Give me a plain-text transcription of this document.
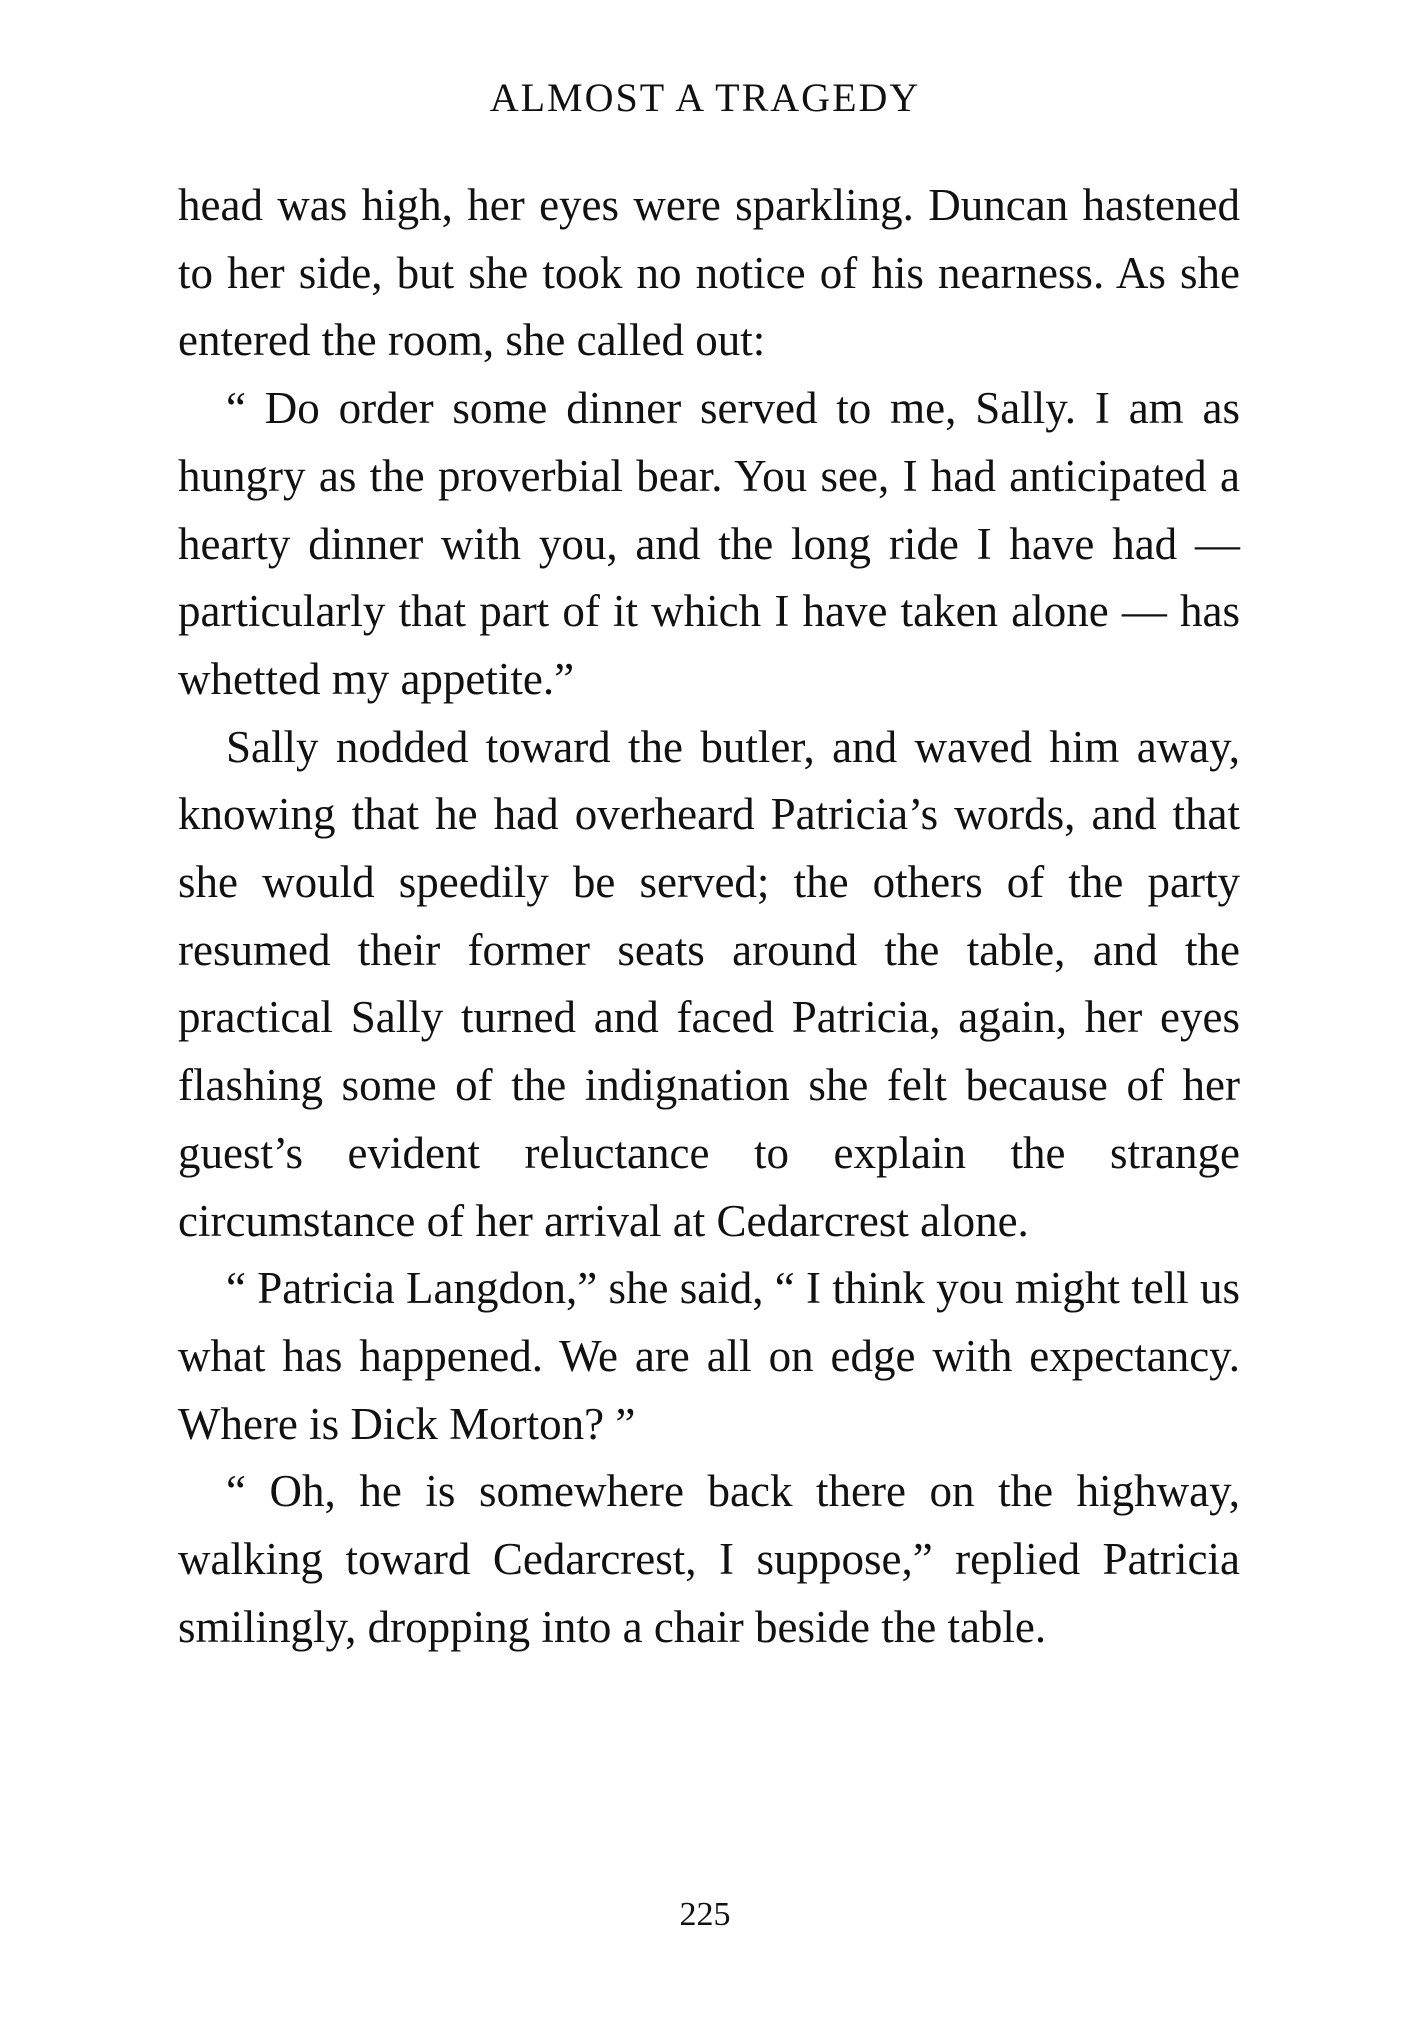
ALMOST A TRAGEDY

head was high, her eyes were sparkling. Duncan hastened to her side, but she took no notice of his nearness. As she entered the room, she called out:

“ Do order some dinner served to me, Sally. I am as hungry as the proverbial bear. You see, I had anticipated a hearty dinner with you, and the long ride I have had — particularly that part of it which I have taken alone — has whetted my appetite.”

Sally nodded toward the butler, and waved him away, knowing that he had overheard Patricia’s words, and that she would speedily be served; the others of the party resumed their former seats around the table, and the practical Sally turned and faced Patricia, again, her eyes flashing some of the indignation she felt because of her guest’s evident reluctance to explain the strange circumstance of her arrival at Cedarcrest alone.

“ Patricia Langdon,” she said, “ I think you might tell us what has happened. We are all on edge with expectancy. Where is Dick Morton? ”

“ Oh, he is somewhere back there on the highway, walking toward Cedarcrest, I suppose,” replied Patricia smilingly, dropping into a chair beside the table.

225
